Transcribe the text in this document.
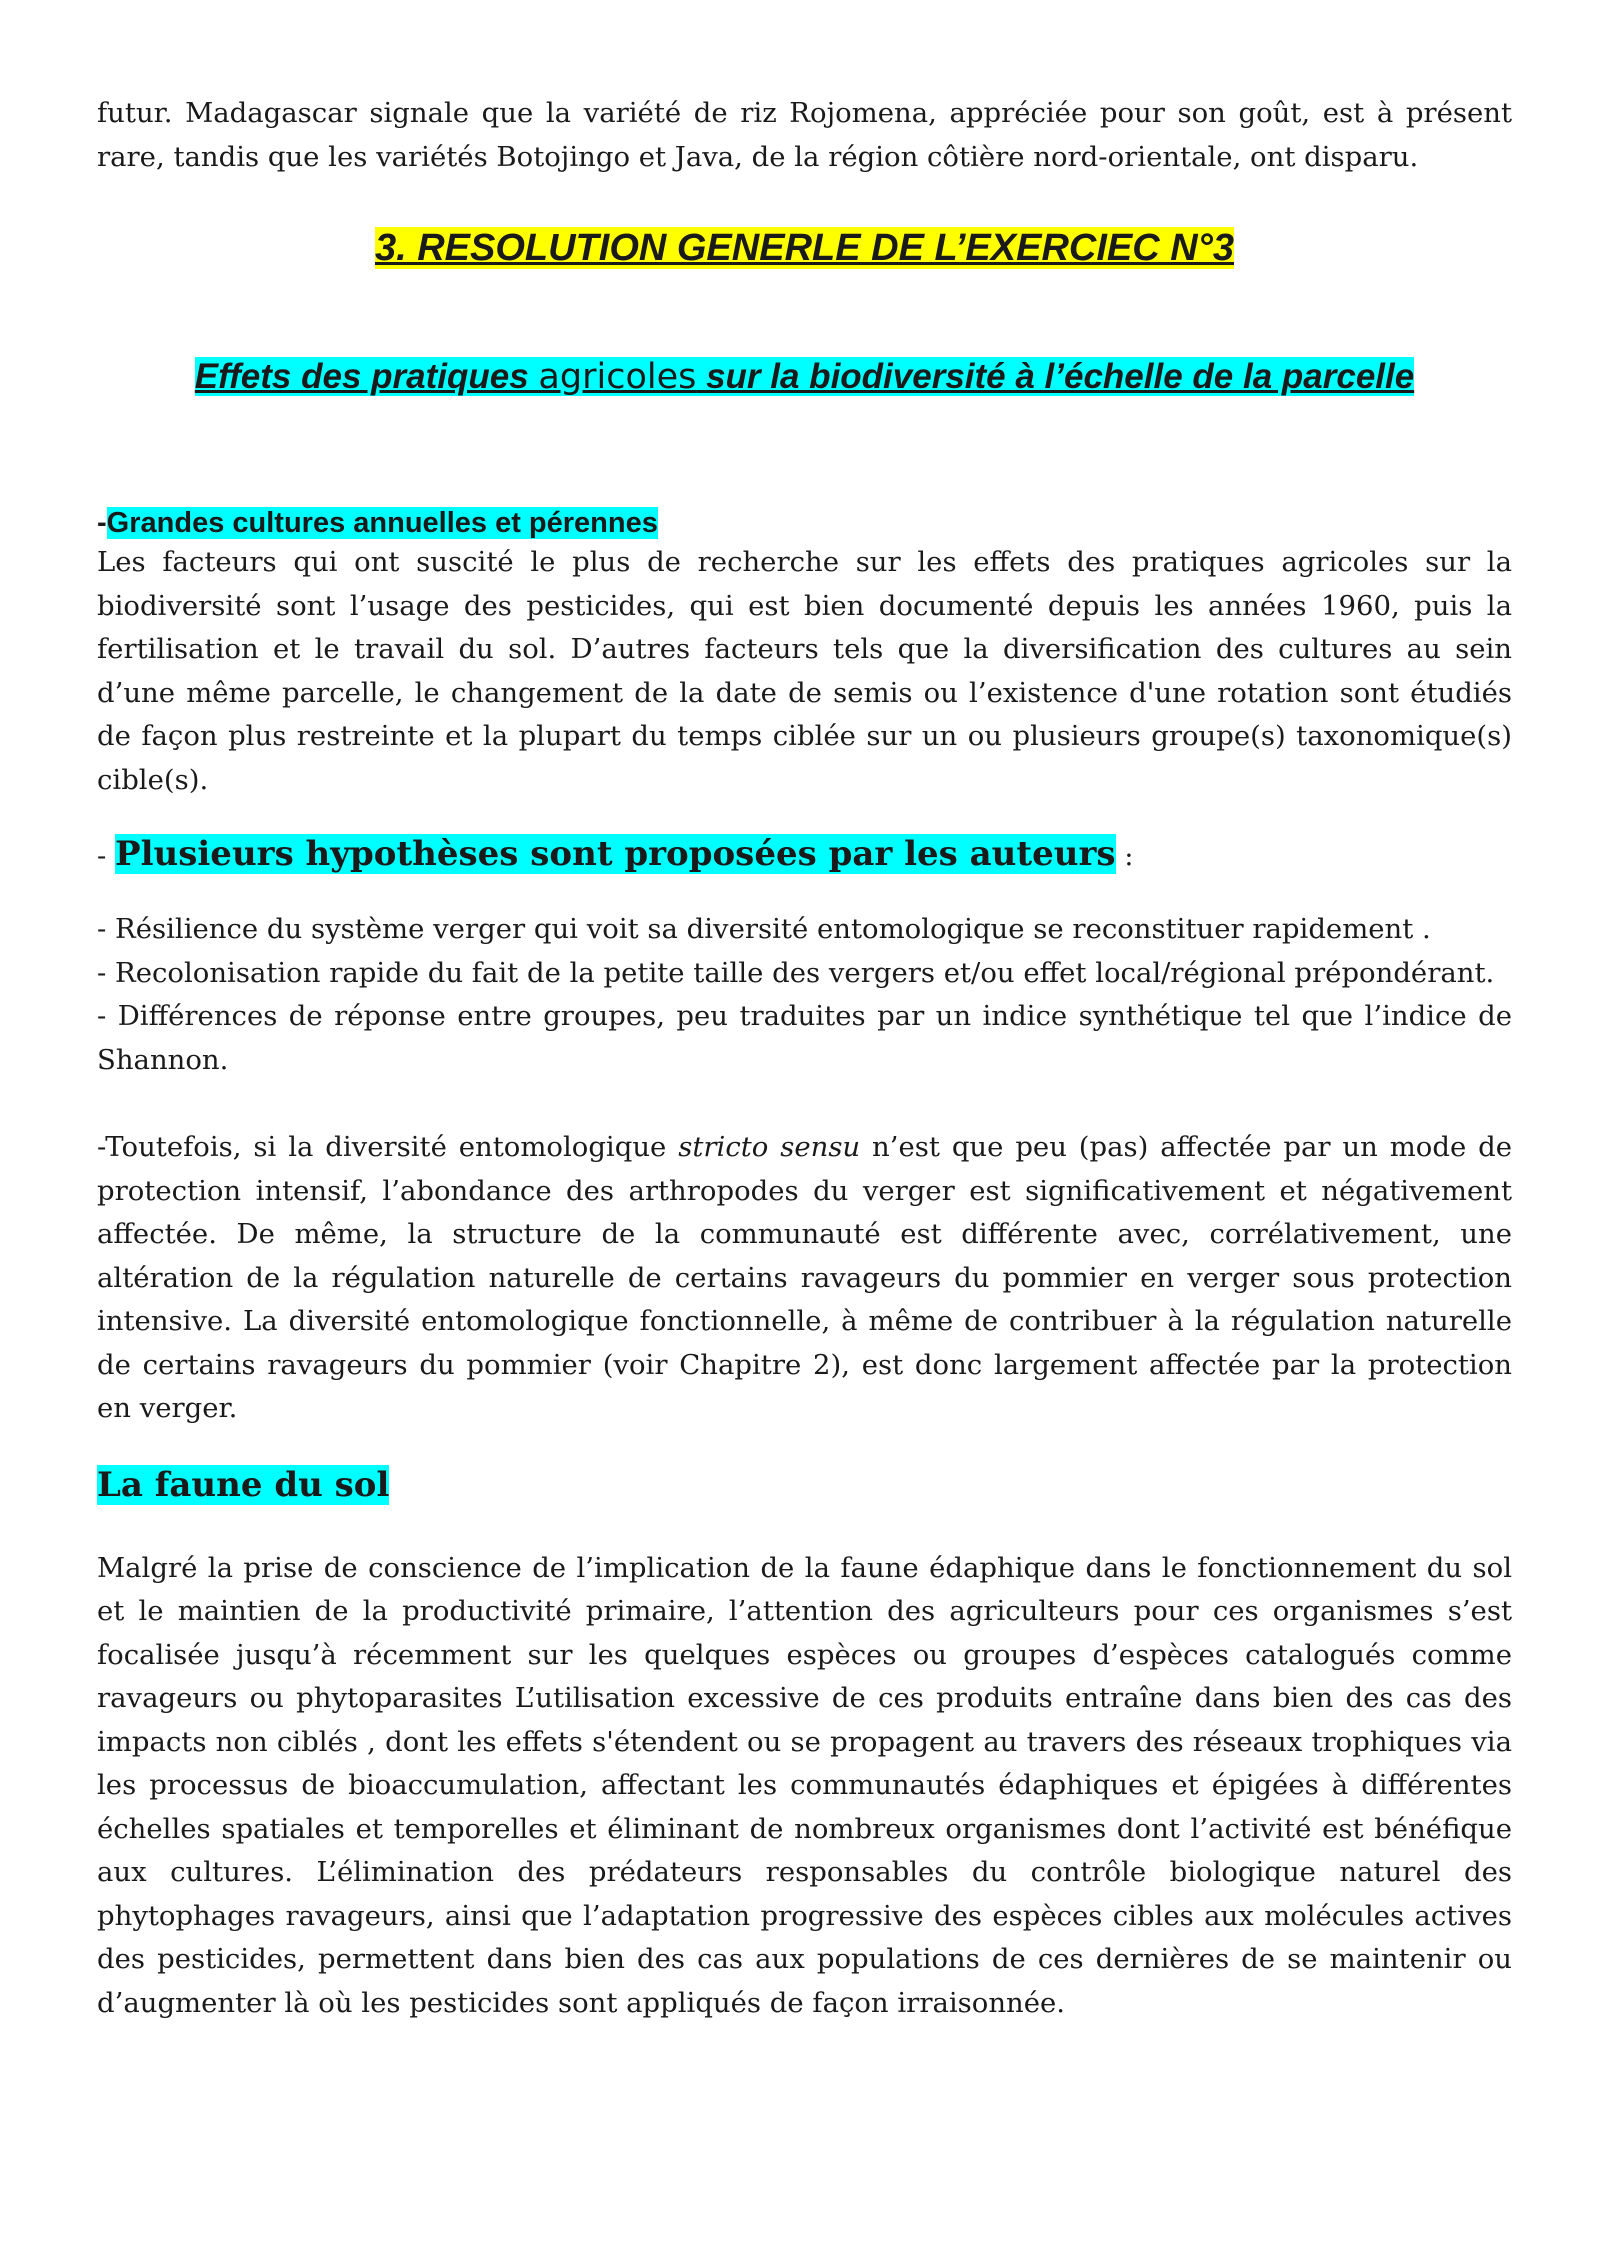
futur. Madagascar signale que la variété de riz Rojomena, appréciée pour son goût, est à présent rare, tandis que les variétés Botojingo et Java, de la région côtière nord-orientale, ont disparu.

3. RESOLUTION GENERLE DE L’EXERCIEC N°3
Effets des pratiques agricoles sur la biodiversité à l’échelle de la parcelle
-Grandes cultures annuelles et pérennes

Les facteurs qui ont suscité le plus de recherche sur les effets des pratiques agricoles sur la biodiversité sont l’usage des pesticides, qui est bien documenté depuis les années 1960, puis la fertilisation et le travail du sol. D’autres facteurs tels que la diversification des cultures au sein d’une même parcelle, le changement de la date de semis ou l’existence d'une rotation sont étudiés de façon plus restreinte et la plupart du temps ciblée sur un ou plusieurs groupe(s) taxonomique(s) cible(s).

- Plusieurs hypothèses sont proposées par les auteurs :

- Résilience du système verger qui voit sa diversité entomologique se reconstituer rapidement .

- Recolonisation rapide du fait de la petite taille des vergers et/ou effet local/régional prépondérant.

- Différences de réponse entre groupes, peu traduites par un indice synthétique tel que l’indice de Shannon.

-Toutefois, si la diversité entomologique stricto sensu n’est que peu (pas) affectée par un mode de protection intensif, l’abondance des arthropodes du verger est significativement et négativement affectée. De même, la structure de la communauté est différente avec, corrélativement, une altération de la régulation naturelle de certains ravageurs du pommier en verger sous protection intensive. La diversité entomologique fonctionnelle, à même de contribuer à la régulation naturelle de certains ravageurs du pommier (voir Chapitre 2), est donc largement affectée par la protection en verger.

La faune du sol

Malgré la prise de conscience de l’implication de la faune édaphique dans le fonctionnement du sol et le maintien de la productivité primaire, l’attention des agriculteurs pour ces organismes s’est focalisée jusqu’à récemment sur les quelques espèces ou groupes d’espèces catalogués comme ravageurs ou phytoparasites L’utilisation excessive de ces produits entraîne dans bien des cas des impacts non ciblés , dont les effets s'étendent ou se propagent au travers des réseaux trophiques via les processus de bioaccumulation, affectant les communautés édaphiques et épigées à différentes échelles spatiales et temporelles et éliminant de nombreux organismes dont l’activité est bénéfique aux cultures. L’élimination des prédateurs responsables du contrôle biologique naturel des phytophages ravageurs, ainsi que l’adaptation progressive des espèces cibles aux molécules actives des pesticides, permettent dans bien des cas aux populations de ces dernières de se maintenir ou d’augmenter là où les pesticides sont appliqués de façon irraisonnée.
